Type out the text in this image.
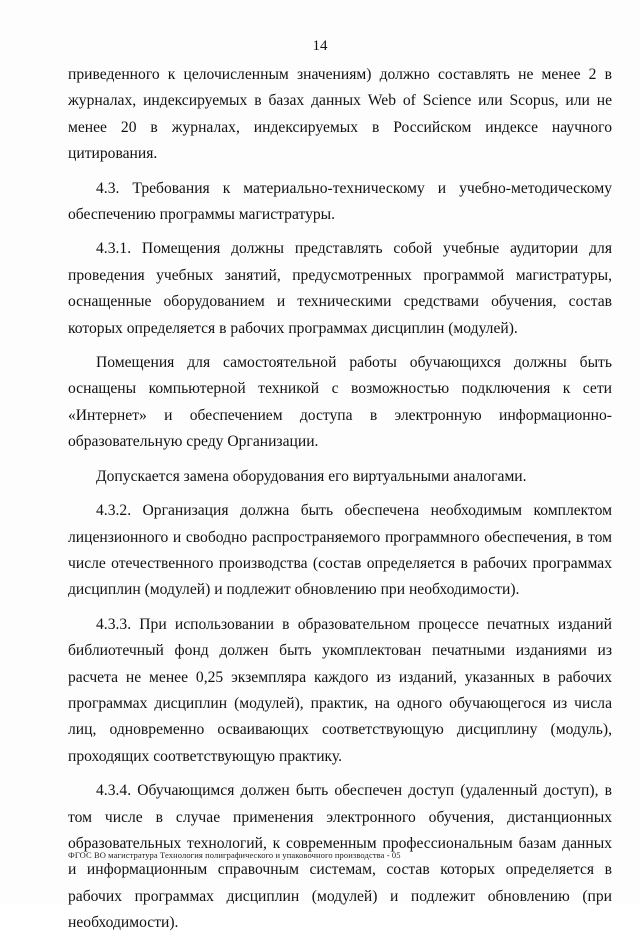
14

приведенного к целочисленным значениям) должно составлять не менее 2 в журналах, индексируемых в базах данных Web of Science или Scopus, или не менее 20 в журналах, индексируемых в Российском индексе научного цитирования.

4.3. Требования к материально-техническому и учебно-методическому обеспечению программы магистратуры.

4.3.1. Помещения должны представлять собой учебные аудитории для проведения учебных занятий, предусмотренных программой магистратуры, оснащенные оборудованием и техническими средствами обучения, состав которых определяется в рабочих программах дисциплин (модулей).

Помещения для самостоятельной работы обучающихся должны быть оснащены компьютерной техникой с возможностью подключения к сети «Интернет» и обеспечением доступа в электронную информационно-образовательную среду Организации.

Допускается замена оборудования его виртуальными аналогами.

4.3.2. Организация должна быть обеспечена необходимым комплектом лицензионного и свободно распространяемого программного обеспечения, в том числе отечественного производства (состав определяется в рабочих программах дисциплин (модулей) и подлежит обновлению при необходимости).

4.3.3. При использовании в образовательном процессе печатных изданий библиотечный фонд должен быть укомплектован печатными изданиями из расчета не менее 0,25 экземпляра каждого из изданий, указанных в рабочих программах дисциплин (модулей), практик, на одного обучающегося из числа лиц, одновременно осваивающих соответствующую дисциплину (модуль), проходящих соответствующую практику.

4.3.4. Обучающимся должен быть обеспечен доступ (удаленный доступ), в том числе в случае применения электронного обучения, дистанционных образовательных технологий, к современным профессиональным базам данных и информационным справочным системам, состав которых определяется в рабочих программах дисциплин (модулей) и подлежит обновлению (при необходимости).

ФГОС ВО магистратура Технология полиграфического и упаковочного производства - 05
